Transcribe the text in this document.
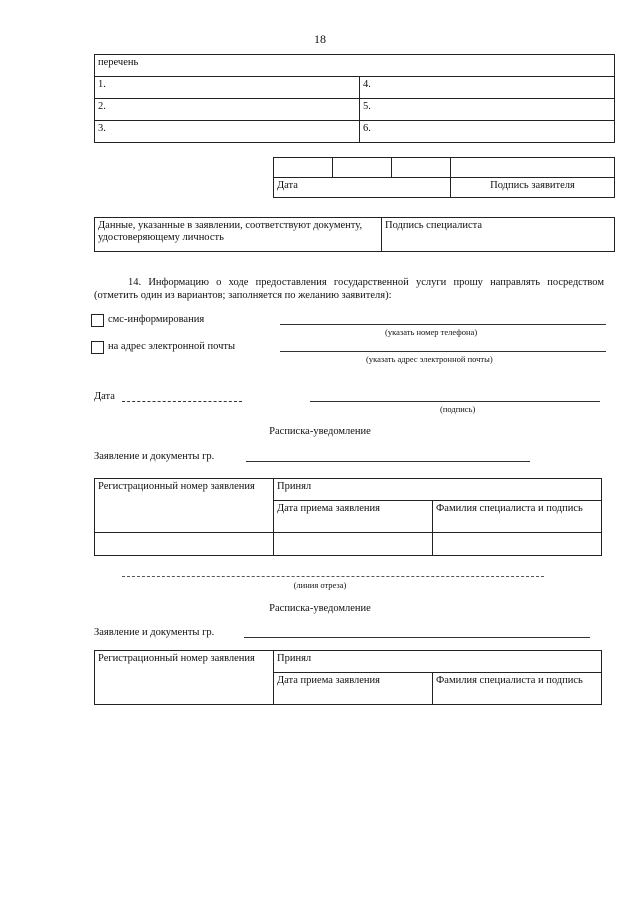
18
перечень	
1.	4.
2.	5.
3.	6.

Дата			Подпись заявителя
Данные, указанные в заявлении, соответствуют документу, удостоверяющему личность	Подпись специалиста
14. Информацию о ходе предоставления государственной услуги прошу направлять посредством (отметить один из вариантов; заполняется по желанию заявителя):
смс-информирования
(указать номер телефона)
на адрес электронной почты
(указать адрес электронной почты)
Дата
(подпись)
Расписка-уведомление
Заявление и документы гр.
Регистрационный номер заявления	Принял	
	Дата приема заявления	Фамилия специалиста и подпись

(линия отреза)
Расписка-уведомление
Заявление и документы гр.
Регистрационный номер заявления	Принял	
	Дата приема заявления	Фамилия специалиста и подпись
